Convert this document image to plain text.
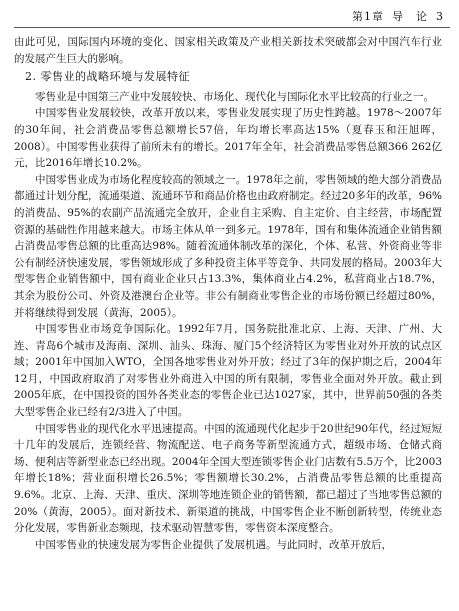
第1章 导　论 3

由此可见，国际国内环境的变化、国家相关政策及产业相关新技术突破都会对中国汽车行业的发展产生巨大的影响。

2. 零售业的战略环境与发展特征

零售业是中国第三产业中发展较快、市场化、现代化与国际化水平比较高的行业之一。

中国零售业发展较快，改革开放以来，零售业发展实现了历史性跨越。1978～2007年的30年间，社会消费品零售总额增长57倍，年均增长率高达15%（夏春玉和汪旭晖，2008）。中国零售业获得了前所未有的增长。2017年全年，社会消费品零售总额366 262亿元，比2016年增长10.2%。

中国零售业成为市场化程度较高的领域之一。1978年之前，零售领域的绝大部分消费品都通过计划分配，流通渠道、流通环节和商品价格也由政府制定。经过20多年的改革，96%的消费品、95%的农副产品流通完全放开，企业自主采购、自主定价、自主经营，市场配置资源的基础性作用越来越大。市场主体从单一到多元。1978年，国有和集体流通企业销售额占消费品零售总额的比重高达98%。随着流通体制改革的深化，个体、私营、外资商业等非公有制经济快速发展，零售领域形成了多种投资主体平等竞争、共同发展的格局。2003年大型零售企业销售额中，国有商业企业只占13.3%，集体商业占4.2%，私营商业占18.7%，其余为股份公司、外资及港澳台企业等。非公有制商业零售企业的市场份额已经超过80%，并将继续得到发展（黄海，2005）。

中国零售业市场竞争国际化。1992年7月，国务院批准北京、上海、天津、广州、大连、青岛6个城市及海南、深圳、汕头、珠海、厦门5个经济特区为零售业对外开放的试点区域；2001年中国加入WTO，全国各地零售业对外开放；经过了3年的保护期之后，2004年12月，中国政府取消了对零售业外商进入中国的所有限制，零售业全面对外开放。截止到2005年底，在中国投资的国外各类业态的零售企业已达1027家，其中，世界前50强的各类大型零售企业已经有2/3进入了中国。

中国零售业的现代化水平迅速提高。中国的流通现代化起步于20世纪90年代，经过短短十几年的发展后，连锁经营、物流配送、电子商务等新型流通方式，超级市场、仓储式商场、便利店等新型业态已经出现。2004年全国大型连锁零售企业门店数有5.5万个，比2003年增长18%；营业面积增长26.5%；零售额增长30.2%，占消费品零售总额的比重提高9.6%。北京、上海、天津、重庆、深圳等地连锁企业的销售额，都已超过了当地零售总额的20%（黄海，2005）。面对新技术、新渠道的挑战，中国零售企业不断创新转型，传统业态分化发展，零售新业态频现，技术驱动智慧零售，零售资本深度整合。

中国零售业的快速发展为零售企业提供了发展机遇。与此同时，改革开放后，
